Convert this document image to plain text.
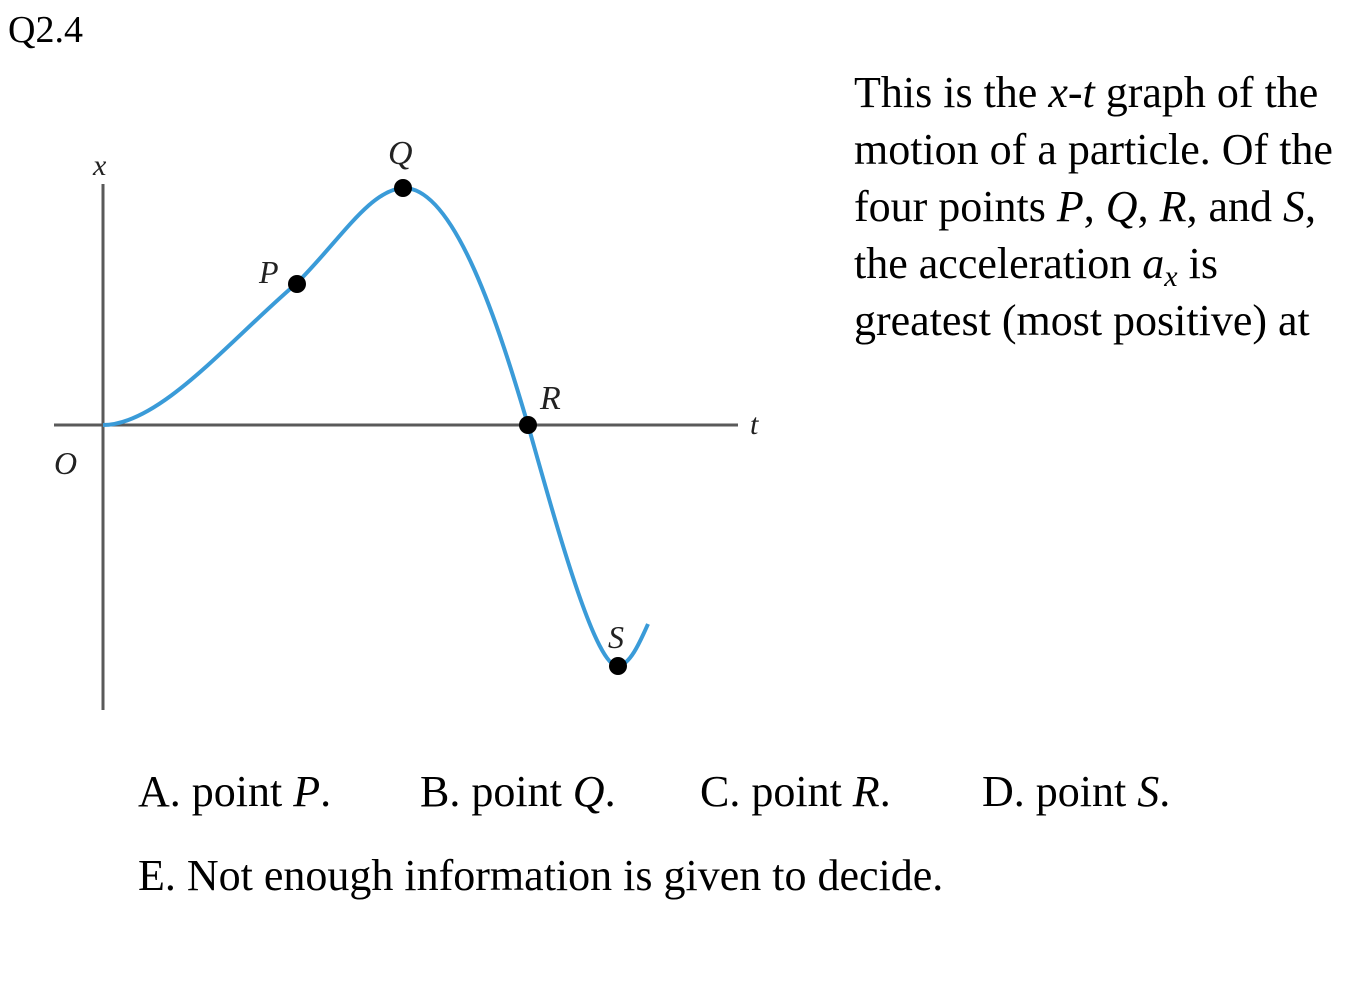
Q2.4
x
t
O
P
Q
R
S
This is the x-t graph of the motion of a particle. Of the four points P, Q, R, and S, the acceleration $a_x$ is greatest (most positive) at
A. point P. B. point Q. C. point R. D. point S.
E. Not enough information is given to decide.
